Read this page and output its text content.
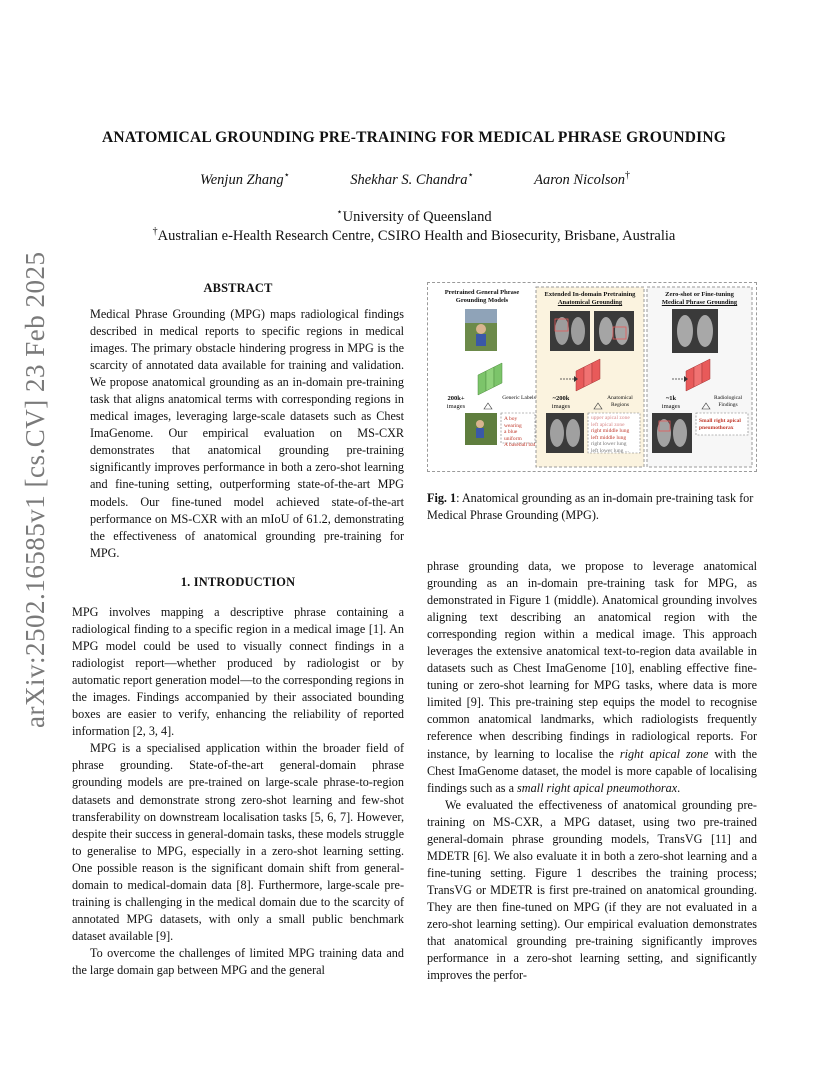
arXiv:2502.16585v1 [cs.CV] 23 Feb 2025
ANATOMICAL GROUNDING PRE-TRAINING FOR MEDICAL PHRASE GROUNDING
Wenjun Zhang⋆	Shekhar S. Chandra⋆	Aaron Nicolson†
⋆University of Queensland
†Australian e-Health Research Centre, CSIRO Health and Biosecurity, Brisbane, Australia
ABSTRACT

Medical Phrase Grounding (MPG) maps radiological findings described in medical reports to specific regions in medical images. The primary obstacle hindering progress in MPG is the scarcity of annotated data available for training and validation. We propose anatomical grounding as an in-domain pre-training task that aligns anatomical terms with corresponding regions in medical images, leveraging large-scale datasets such as Chest ImaGenome. Our empirical evaluation on MS-CXR demonstrates that anatomical grounding pre-training significantly improves performance in both a zero-shot learning and fine-tuning setting, outperforming state-of-the-art MPG models. Our fine-tuned model achieved state-of-the-art performance on MS-CXR with an mIoU of 61.2, demonstrating the effectiveness of anatomical grounding pre-training for MPG.

1. INTRODUCTION

MPG involves mapping a descriptive phrase containing a radiological finding to a specific region in a medical image [1]. An MPG model could be used to visually connect findings in a radiologist report—whether produced by radiologist or by automatic report generation model—to the corresponding regions in the images. Findings accompanied by their associated bounding boxes are easier to verify, enhancing the reliability of reported information [2, 3, 4].

MPG is a specialised application within the broader field of phrase grounding. State-of-the-art general-domain phrase grounding models are pre-trained on large-scale phrase-to-region datasets and demonstrate strong zero-shot learning and few-shot transferability on downstream localisation tasks [5, 6, 7]. However, despite their success in general-domain tasks, these models struggle to generalise to MPG, especially in a zero-shot learning setting. One possible reason is the significant domain shift from general-domain to medical-domain data [8]. Furthermore, large-scale pre-training is challenging in the medical domain due to the scarcity of annotated MPG datasets, with only a small public benchmark dataset available [9].

To overcome the challenges of limited MPG training data and the large domain gap between MPG and the general

Pretrained General Phrase Grounding Models
Extended In-domain Pretraining
Anatomical Grounding
Zero-shot or Fine-tuning
Medical Phrase Grounding
200k+
images
Generic Labels	~200k
images
Anatomical Regions
~1k
images
Radiological Findings
A boy wearing
a blue uniform
A baseball bat
upper apical zone
left apical zone
right middle lung
left middle lung
right lower lung
left lower lung ...
Small right apical pneumothorax
Fig. 1: Anatomical grounding as an in-domain pre-training task for Medical Phrase Grounding (MPG).

phrase grounding data, we propose to leverage anatomical grounding as an in-domain pre-training task for MPG, as demonstrated in Figure 1 (middle). Anatomical grounding involves aligning text describing an anatomical region with the corresponding region within a medical image. This approach leverages the extensive anatomical text-to-region data available in datasets such as Chest ImaGenome [10], enabling effective fine-tuning or zero-shot learning for MPG tasks, where data is more limited [9]. This pre-training step equips the model to recognise common anatomical landmarks, which radiologists frequently reference when describing findings in radiological reports. For instance, by learning to localise the right apical zone with the Chest ImaGenome dataset, the model is more capable of localising findings such as a small right apical pneumothorax.

We evaluated the effectiveness of anatomical grounding pre-training on MS-CXR, a MPG dataset, using two pre-trained general-domain phrase grounding models, TransVG [11] and MDETR [6]. We also evaluate it in both a zero-shot learning and a fine-tuning setting. Figure 1 describes the training process; TransVG or MDETR is first pre-trained on anatomical grounding. They are then fine-tuned on MPG (if they are not evaluated in a zero-shot learning setting). Our empirical evaluation demonstrates that anatomical grounding pre-training significantly improves performance in a zero-shot learning setting, and significantly improves the perfor-
